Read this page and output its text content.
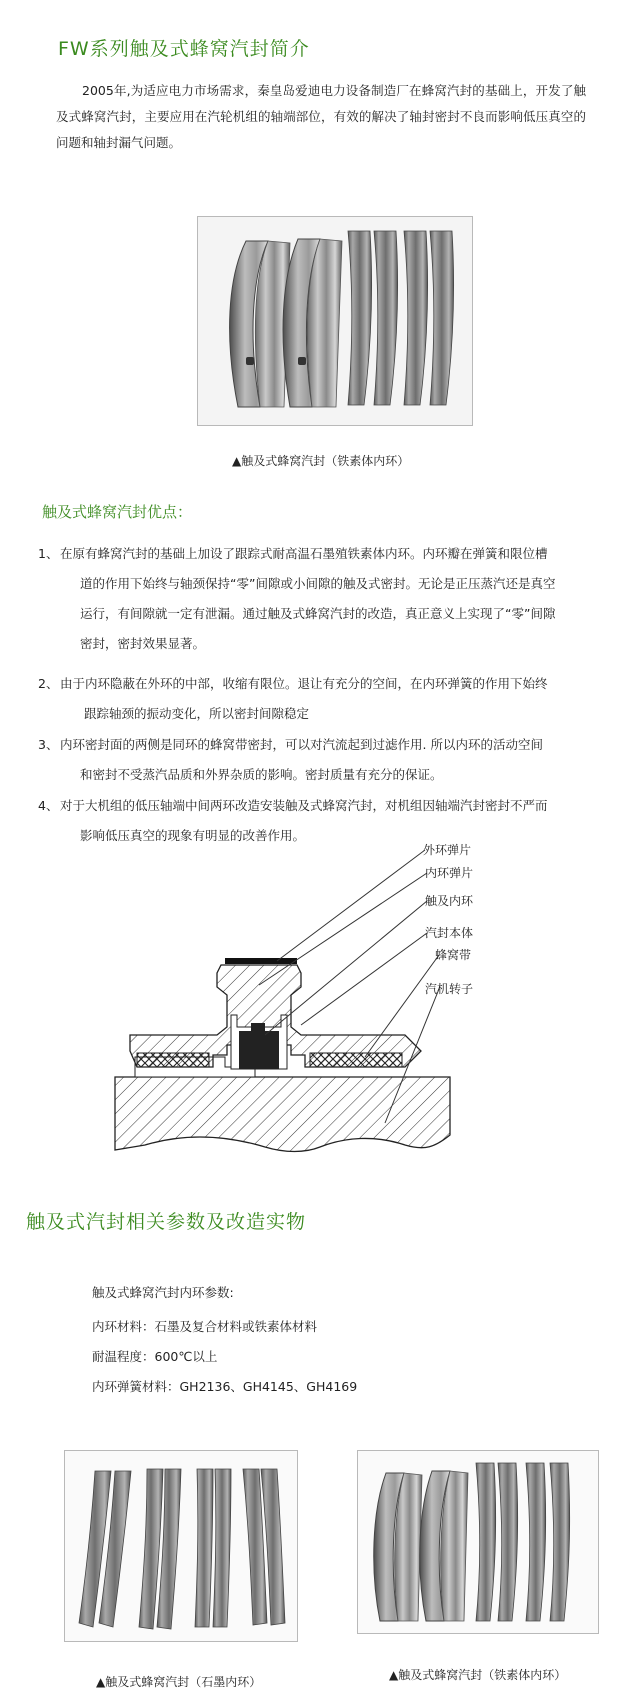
FW系列触及式蜂窝汽封简介
2005年,为适应电力市场需求，秦皇岛爱迪电力设备制造厂在蜂窝汽封的基础上，开发了触及式蜂窝汽封，主要应用在汽轮机组的轴端部位，有效的解决了轴封密封不良而影响低压真空的问题和轴封漏气问题。
▲触及式蜂窝汽封（铁素体内环）
触及式蜂窝汽封优点：
1、 在原有蜂窝汽封的基础上加设了跟踪式耐高温石墨殖铁素体内环。内环瓣在弹簧和限位槽
道的作用下始终与轴颈保持“零”间隙或小间隙的触及式密封。无论是正压蒸汽还是真空
运行，有间隙就一定有泄漏。通过触及式蜂窝汽封的改造，真正意义上实现了“零”间隙
密封，密封效果显著。
2、 由于内环隐蔽在外环的中部，收缩有限位。退让有充分的空间，在内环弹簧的作用下始终
跟踪轴颈的振动变化，所以密封间隙稳定
3、 内环密封面的两侧是同环的蜂窝带密封，可以对汽流起到过滤作用. 所以内环的活动空间
和密封不受蒸汽品质和外界杂质的影响。密封质量有充分的保证。
4、 对于大机组的低压轴端中间两环改造安装触及式蜂窝汽封，对机组因轴端汽封密封不严而
影响低压真空的现象有明显的改善作用。
外环弹片
内环弹片
触及内环
汽封本体
蜂窝带
汽机转子
触及式汽封相关参数及改造实物
触及式蜂窝汽封内环参数:
内环材料：石墨及复合材料或铁素体材料
耐温程度：600℃以上
内环弹簧材料：GH2136、GH4145、GH4169
▲触及式蜂窝汽封（石墨内环）	▲触及式蜂窝汽封（铁素体内环）
